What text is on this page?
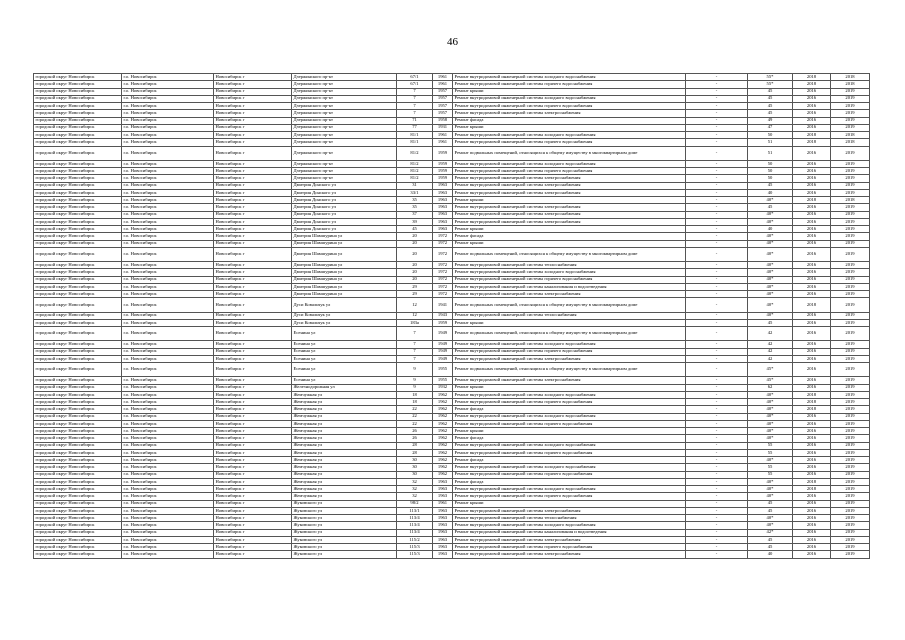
46
городской округ Новосибирск	г.о. Новосибирск	Новосибирск г	Дзержинского пр-кт	67/1	1961	Ремонт внутридомовой инженерной системы холодного водоснабжения	-	55*	2018	2018
городской округ Новосибирск	г.о. Новосибирск	Новосибирск г	Дзержинского пр-кт	67/1	1961	Ремонт внутридомовой инженерной системы горячего водоснабжения	-	55*	2018	2018
городской округ Новосибирск	г.о. Новосибирск	Новосибирск г	Дзержинского пр-кт	7	1957	Ремонт крыши	-	45	2016	2019
городской округ Новосибирск	г.о. Новосибирск	Новосибирск г	Дзержинского пр-кт	7	1957	Ремонт внутридомовой инженерной системы холодного водоснабжения	-	45	2016	2019
городской округ Новосибирск	г.о. Новосибирск	Новосибирск г	Дзержинского пр-кт	7	1957	Ремонт внутридомовой инженерной системы горячего водоснабжения	-	45	2016	2019
городской округ Новосибирск	г.о. Новосибирск	Новосибирск г	Дзержинского пр-кт	7	1957	Ремонт внутридомовой инженерной системы электроснабжения	-	45	2016	2019
городской округ Новосибирск	г.о. Новосибирск	Новосибирск г	Дзержинского пр-кт	71	1958	Ремонт фасада	-	49	2016	2019
городской округ Новосибирск	г.о. Новосибирск	Новосибирск г	Дзержинского пр-кт	77	1931	Ремонт крыши	-	47	2016	2019
городской округ Новосибирск	г.о. Новосибирск	Новосибирск г	Дзержинского пр-кт	81/1	1961	Ремонт внутридомовой инженерной системы холодного водоснабжения	-	50	2018	2018
городской округ Новосибирск	г.о. Новосибирск	Новосибирск г	Дзержинского пр-кт	81/1	1961	Ремонт внутридомовой инженерной системы горячего водоснабжения	-	51	2018	2018
городской округ Новосибирск	г.о. Новосибирск	Новосибирск г	Дзержинского пр-кт	81/2	1959	Ремонт подвальных помещений, относящихся к общему имуществу в многоквартирном доме	-	51	2016	2019
городской округ Новосибирск	г.о. Новосибирск	Новосибирск г	Дзержинского пр-кт	81/2	1959	Ремонт внутридомовой инженерной системы холодного водоснабжения	-	50	2016	2019
городской округ Новосибирск	г.о. Новосибирск	Новосибирск г	Дзержинского пр-кт	81/2	1959	Ремонт внутридомовой инженерной системы горячего водоснабжения	-	50	2016	2019
городской округ Новосибирск	г.о. Новосибирск	Новосибирск г	Дзержинского пр-кт	81/2	1959	Ремонт внутридомовой инженерной системы электроснабжения	-	50	2016	2019
городской округ Новосибирск	г.о. Новосибирск	Новосибирск г	Дмитрия Донского ул	31	1963	Ремонт внутридомовой инженерной системы электроснабжения	-	45	2016	2019
городской округ Новосибирск	г.о. Новосибирск	Новосибирск г	Дмитрия Донского ул	33/1	1963	Ремонт внутридомовой инженерной системы электроснабжения	-	40	2016	2019
городской округ Новосибирск	г.о. Новосибирск	Новосибирск г	Дмитрия Донского ул	35	1963	Ремонт крыши	-	40*	2018	2018
городской округ Новосибирск	г.о. Новосибирск	Новосибирск г	Дмитрия Донского ул	35	1963	Ремонт внутридомовой инженерной системы электроснабжения	-	45	2016	2019
городской округ Новосибирск	г.о. Новосибирск	Новосибирск г	Дмитрия Донского ул	37	1963	Ремонт внутридомовой инженерной системы электроснабжения	-	40*	2016	2019
городской округ Новосибирск	г.о. Новосибирск	Новосибирск г	Дмитрия Донского ул	39	1963	Ремонт внутридомовой инженерной системы электроснабжения	-	40*	2016	2019
городской округ Новосибирск	г.о. Новосибирск	Новосибирск г	Дмитрия Донского ул	45	1963	Ремонт крыши	-	40	2016	2019
городской округ Новосибирск	г.о. Новосибирск	Новосибирск г	Дмитрия Шамшурина ул	20	1972	Ремонт фасада	-	40*	2016	2019
городской округ Новосибирск	г.о. Новосибирск	Новосибирск г	Дмитрия Шамшурина ул	20	1972	Ремонт крыши	-	40*	2016	2019
городской округ Новосибирск	г.о. Новосибирск	Новосибирск г	Дмитрия Шамшурина ул	20	1972	Ремонт подвальных помещений, относящихся к общему имуществу в многоквартирном доме	-	40*	2016	2019
городской округ Новосибирск	г.о. Новосибирск	Новосибирск г	Дмитрия Шамшурина ул	20	1972	Ремонт внутридомовой инженерной системы теплоснабжения	-	40*	2016	2019
городской округ Новосибирск	г.о. Новосибирск	Новосибирск г	Дмитрия Шамшурина ул	20	1972	Ремонт внутридомовой инженерной системы холодного водоснабжения	-	40*	2016	2019
городской округ Новосибирск	г.о. Новосибирск	Новосибирск г	Дмитрия Шамшурина ул	20	1972	Ремонт внутридомовой инженерной системы горячего водоснабжения	-	40*	2016	2019
городской округ Новосибирск	г.о. Новосибирск	Новосибирск г	Дмитрия Шамшурина ул	29	1972	Ремонт внутридомовой инженерной системы канализования и водоотведения	-	40*	2016	2019
городской округ Новосибирск	г.о. Новосибирск	Новосибирск г	Дмитрия Шамшурина ул	29	1972	Ремонт внутридомовой инженерной системы электроснабжения	-	40*	2016	2019
городской округ Новосибирск	г.о. Новосибирск	Новосибирск г	Дуси Ковальчук ул	12	1941	Ремонт подвальных помещений, относящихся к общему имуществу в многоквартирном доме	-	40*	2018	2019
городской округ Новосибирск	г.о. Новосибирск	Новосибирск г	Дуси Ковальчук ул	12	1943	Ремонт внутридомовой инженерной системы теплоснабжения	-	40*	2016	2019
городской округ Новосибирск	г.о. Новосибирск	Новосибирск г	Дуси Ковальчук ул	183а	1959	Ремонт крыши	-	45	2016	2019
городской округ Новосибирск	г.о. Новосибирск	Новосибирск г	Есенина ул	7	1949	Ремонт подвальных помещений, относящихся к общему имуществу в многоквартирном доме	-	42	2016	2019
городской округ Новосибирск	г.о. Новосибирск	Новосибирск г	Есенина ул	7	1949	Ремонт внутридомовой инженерной системы холодного водоснабжения	-	42	2016	2019
городской округ Новосибирск	г.о. Новосибирск	Новосибирск г	Есенина ул	7	1949	Ремонт внутридомовой инженерной системы горячего водоснабжения	-	42	2016	2019
городской округ Новосибирск	г.о. Новосибирск	Новосибирск г	Есенина ул	7	1949	Ремонт внутридомовой инженерной системы электроснабжения	-	42	2016	2019
городской округ Новосибирск	г.о. Новосибирск	Новосибирск г	Есенина ул	9	1955	Ремонт подвальных помещений, относящихся к общему имуществу в многоквартирном доме	-	45*	2016	2019
городской округ Новосибирск	г.о. Новосибирск	Новосибирск г	Есенина ул	9	1955	Ремонт внутридомовой инженерной системы электроснабжения	-	45*	2016	2019
городской округ Новосибирск	г.о. Новосибирск	Новосибирск г	Железнодорожная ул	9	1932	Ремонт крыши	-	62	2016	2019
городской округ Новосибирск	г.о. Новосибирск	Новосибирск г	Жемчужная ул	18	1962	Ремонт внутридомовой инженерной системы холодного водоснабжения	-	40*	2018	2019
городской округ Новосибирск	г.о. Новосибирск	Новосибирск г	Жемчужная ул	18	1962	Ремонт внутридомовой инженерной системы горячего водоснабжения	-	40*	2018	2019
городской округ Новосибирск	г.о. Новосибирск	Новосибирск г	Жемчужная ул	22	1962	Ремонт фасада	-	40*	2018	2019
городской округ Новосибирск	г.о. Новосибирск	Новосибирск г	Жемчужная ул	22	1962	Ремонт внутридомовой инженерной системы холодного водоснабжения	-	40*	2016	2019
городской округ Новосибирск	г.о. Новосибирск	Новосибирск г	Жемчужная ул	22	1962	Ремонт внутридомовой инженерной системы горячего водоснабжения	-	40*	2016	2019
городской округ Новосибирск	г.о. Новосибирск	Новосибирск г	Жемчужная ул	26	1962	Ремонт крыши	-	40*	2016	2019
городской округ Новосибирск	г.о. Новосибирск	Новосибирск г	Жемчужная ул	26	1962	Ремонт фасада	-	40*	2016	2019
городской округ Новосибирск	г.о. Новосибирск	Новосибирск г	Жемчужная ул	28	1962	Ремонт внутридомовой инженерной системы холодного водоснабжения	-	55	2016	2019
городской округ Новосибирск	г.о. Новосибирск	Новосибирск г	Жемчужная ул	28	1962	Ремонт внутридомовой инженерной системы горячего водоснабжения	-	55	2016	2019
городской округ Новосибирск	г.о. Новосибирск	Новосибирск г	Жемчужная ул	30	1962	Ремонт фасада	-	40*	2016	2019
городской округ Новосибирск	г.о. Новосибирск	Новосибирск г	Жемчужная ул	30	1962	Ремонт внутридомовой инженерной системы холодного водоснабжения	-	55	2016	2019
городской округ Новосибирск	г.о. Новосибирск	Новосибирск г	Жемчужная ул	30	1962	Ремонт внутридомовой инженерной системы горячего водоснабжения	-	55	2016	2019
городской округ Новосибирск	г.о. Новосибирск	Новосибирск г	Жемчужная ул	32	1963	Ремонт фасада	-	40*	2018	2019
городской округ Новосибирск	г.о. Новосибирск	Новосибирск г	Жемчужная ул	32	1963	Ремонт внутридомовой инженерной системы холодного водоснабжения	-	40*	2018	2019
городской округ Новосибирск	г.о. Новосибирск	Новосибирск г	Жемчужная ул	32	1963	Ремонт внутридомовой инженерной системы горячего водоснабжения	-	40*	2016	2019
городской округ Новосибирск	г.о. Новосибирск	Новосибирск г	Жуковского ул	98/2	1961	Ремонт крыши	-	45	2016	2019
городской округ Новосибирск	г.о. Новосибирск	Новосибирск г	Жуковского ул	113/1	1963	Ремонт внутридомовой инженерной системы электроснабжения	-	45	2016	2019
городской округ Новосибирск	г.о. Новосибирск	Новосибирск г	Жуковского ул	113/4	1963	Ремонт внутридомовой инженерной системы теплоснабжения	-	40*	2016	2019
городской округ Новосибирск	г.о. Новосибирск	Новосибирск г	Жуковского ул	113/4	1963	Ремонт внутридомовой инженерной системы холодного водоснабжения	-	40*	2016	2019
городской округ Новосибирск	г.о. Новосибирск	Новосибирск г	Жуковского ул	113/4	1963	Ремонт внутридомовой инженерной системы канализования и водоотведения	-	42*	2016	2019
городской округ Новосибирск	г.о. Новосибирск	Новосибирск г	Жуковского ул	115/2	1963	Ремонт внутридомовой инженерной системы электроснабжения	-	45	2016	2019
городской округ Новосибирск	г.о. Новосибирск	Новосибирск г	Жуковского ул	115/3	1963	Ремонт внутридомовой инженерной системы горячего водоснабжения	-	45	2016	2019
городской округ Новосибирск	г.о. Новосибирск	Новосибирск г	Жуковского ул	115/3	1963	Ремонт внутридомовой инженерной системы электроснабжения	-	40	2016	2019
